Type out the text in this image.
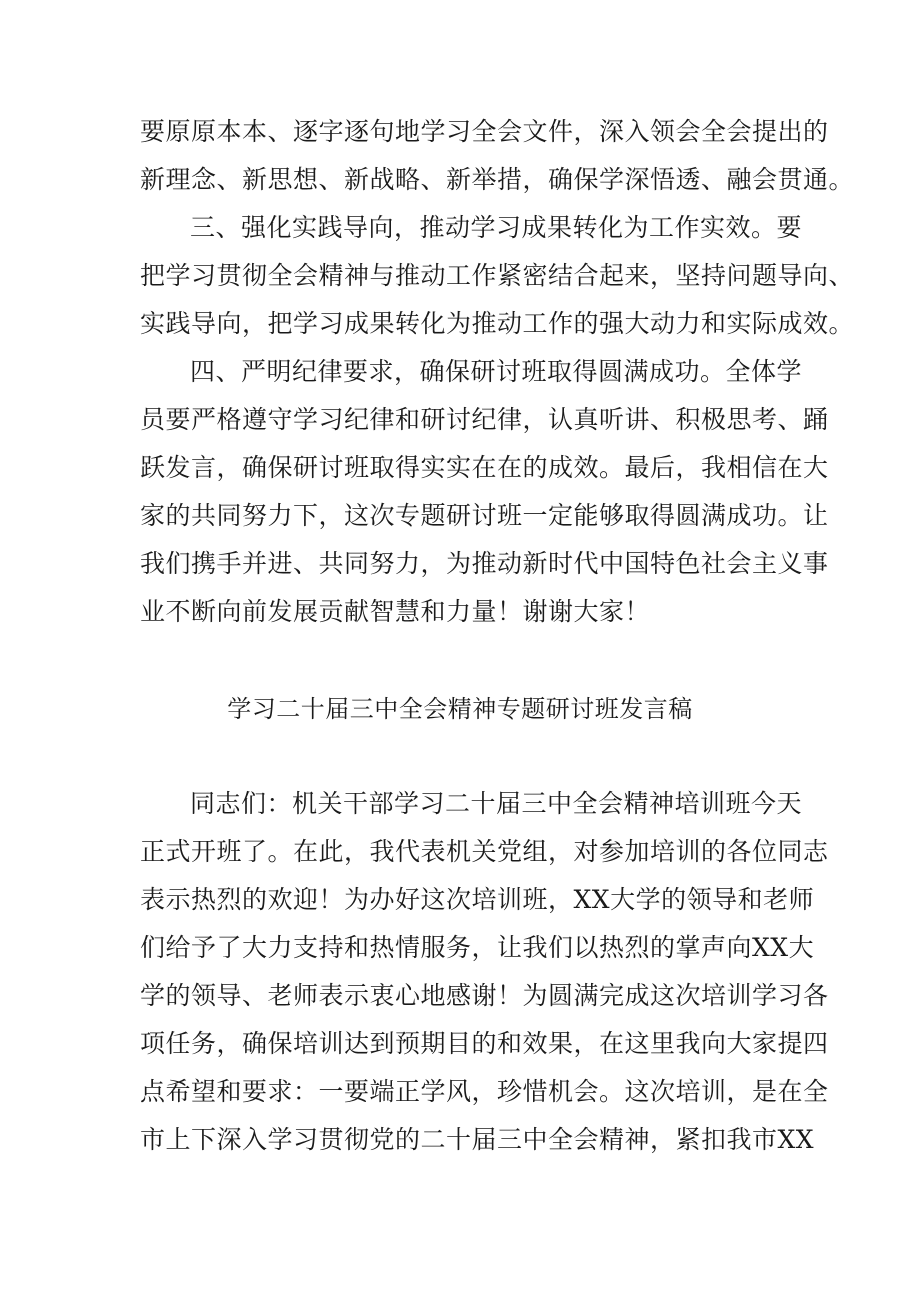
要原原本本、逐字逐句地学习全会文件，深入领会全会提出的
新理念、新思想、新战略、新举措，确保学深悟透、融会贯通。
三、强化实践导向，推动学习成果转化为工作实效。要
把学习贯彻全会精神与推动工作紧密结合起来，坚持问题导向、
实践导向，把学习成果转化为推动工作的强大动力和实际成效。
四、严明纪律要求，确保研讨班取得圆满成功。全体学
员要严格遵守学习纪律和研讨纪律，认真听讲、积极思考、踊
跃发言，确保研讨班取得实实在在的成效。最后，我相信在大
家的共同努力下，这次专题研讨班一定能够取得圆满成功。让
我们携手并进、共同努力，为推动新时代中国特色社会主义事
业不断向前发展贡献智慧和力量！谢谢大家！
学习二十届三中全会精神专题研讨班发言稿
同志们：机关干部学习二十届三中全会精神培训班今天
正式开班了。在此，我代表机关党组，对参加培训的各位同志
表示热烈的欢迎！为办好这次培训班，XX大学的领导和老师
们给予了大力支持和热情服务，让我们以热烈的掌声向XX大
学的领导、老师表示衷心地感谢！为圆满完成这次培训学习各
项任务，确保培训达到预期目的和效果，在这里我向大家提四
点希望和要求：一要端正学风，珍惜机会。这次培训，是在全
市上下深入学习贯彻党的二十届三中全会精神，紧扣我市XX
